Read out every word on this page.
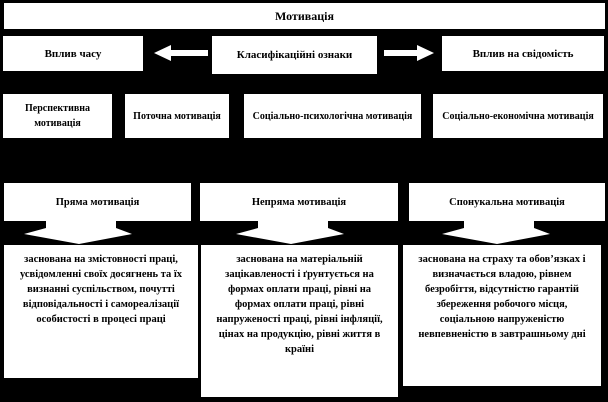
Мотивація
Вплив часу	Класифікаційні ознаки	Вплив на свідомість
Перспективна мотивація
Поточна мотивація	Соціально-психологічна мотивація	Соціально-економічна мотивація
Пряма мотивація	Непряма мотивація	Спонукальна мотивація
заснована на змістовності праці, усвідомленні своїх досягнень та їх визнанні суспільством, почутті відповідальності і самореалізації особистості в процесі праці
заснована на матеріальній зацікавленості і ґрунтується на формах оплати праці, рівні на формах оплати праці, рівні напруженості праці, рівні інфляції, цінах на продукцію, рівні життя в країні
заснована на страху та обов’язках і визначається владою, рівнем безробіття, відсутністю гарантій збереження робочого місця, соціальною напруженістю невпевненістю в завтрашньому дні
